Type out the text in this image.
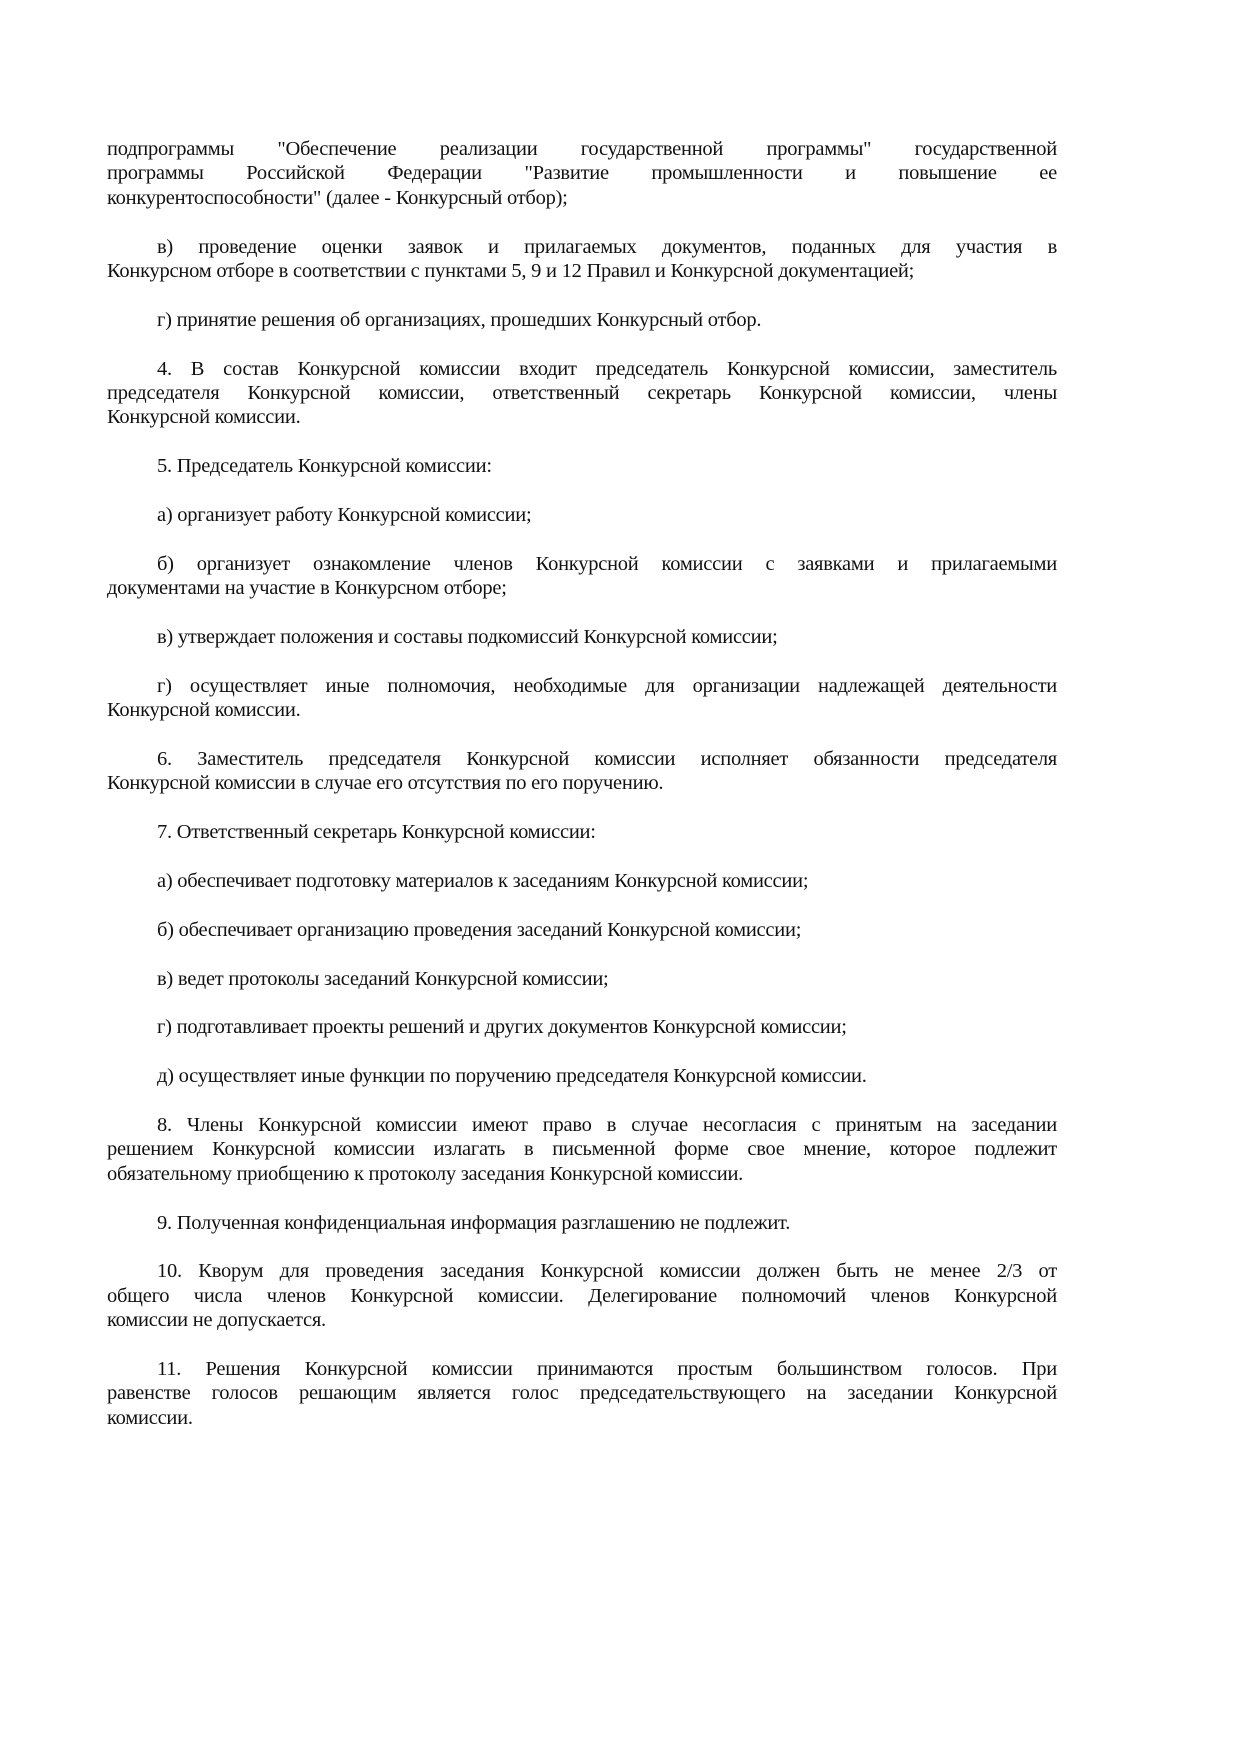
подпрограммы "Обеспечение реализации государственной программы" государственной
программы Российской Федерации "Развитие промышленности и повышение ее
конкурентоспособности" (далее - Конкурсный отбор);
в) проведение оценки заявок и прилагаемых документов, поданных для участия в
Конкурсном отборе в соответствии с пунктами 5, 9 и 12 Правил и Конкурсной документацией;
г) принятие решения об организациях, прошедших Конкурсный отбор.
4. В состав Конкурсной комиссии входит председатель Конкурсной комиссии, заместитель
председателя Конкурсной комиссии, ответственный секретарь Конкурсной комиссии, члены
Конкурсной комиссии.
5. Председатель Конкурсной комиссии:
а) организует работу Конкурсной комиссии;
б) организует ознакомление членов Конкурсной комиссии с заявками и прилагаемыми
документами на участие в Конкурсном отборе;
в) утверждает положения и составы подкомиссий Конкурсной комиссии;
г) осуществляет иные полномочия, необходимые для организации надлежащей деятельности
Конкурсной комиссии.
6. Заместитель председателя Конкурсной комиссии исполняет обязанности председателя
Конкурсной комиссии в случае его отсутствия по его поручению.
7. Ответственный секретарь Конкурсной комиссии:
а) обеспечивает подготовку материалов к заседаниям Конкурсной комиссии;
б) обеспечивает организацию проведения заседаний Конкурсной комиссии;
в) ведет протоколы заседаний Конкурсной комиссии;
г) подготавливает проекты решений и других документов Конкурсной комиссии;
д) осуществляет иные функции по поручению председателя Конкурсной комиссии.
8. Члены Конкурсной комиссии имеют право в случае несогласия с принятым на заседании
решением Конкурсной комиссии излагать в письменной форме свое мнение, которое подлежит
обязательному приобщению к протоколу заседания Конкурсной комиссии.
9. Полученная конфиденциальная информация разглашению не подлежит.
10. Кворум для проведения заседания Конкурсной комиссии должен быть не менее 2/3 от
общего числа членов Конкурсной комиссии. Делегирование полномочий членов Конкурсной
комиссии не допускается.
11. Решения Конкурсной комиссии принимаются простым большинством голосов. При
равенстве голосов решающим является голос председательствующего на заседании Конкурсной
комиссии.
